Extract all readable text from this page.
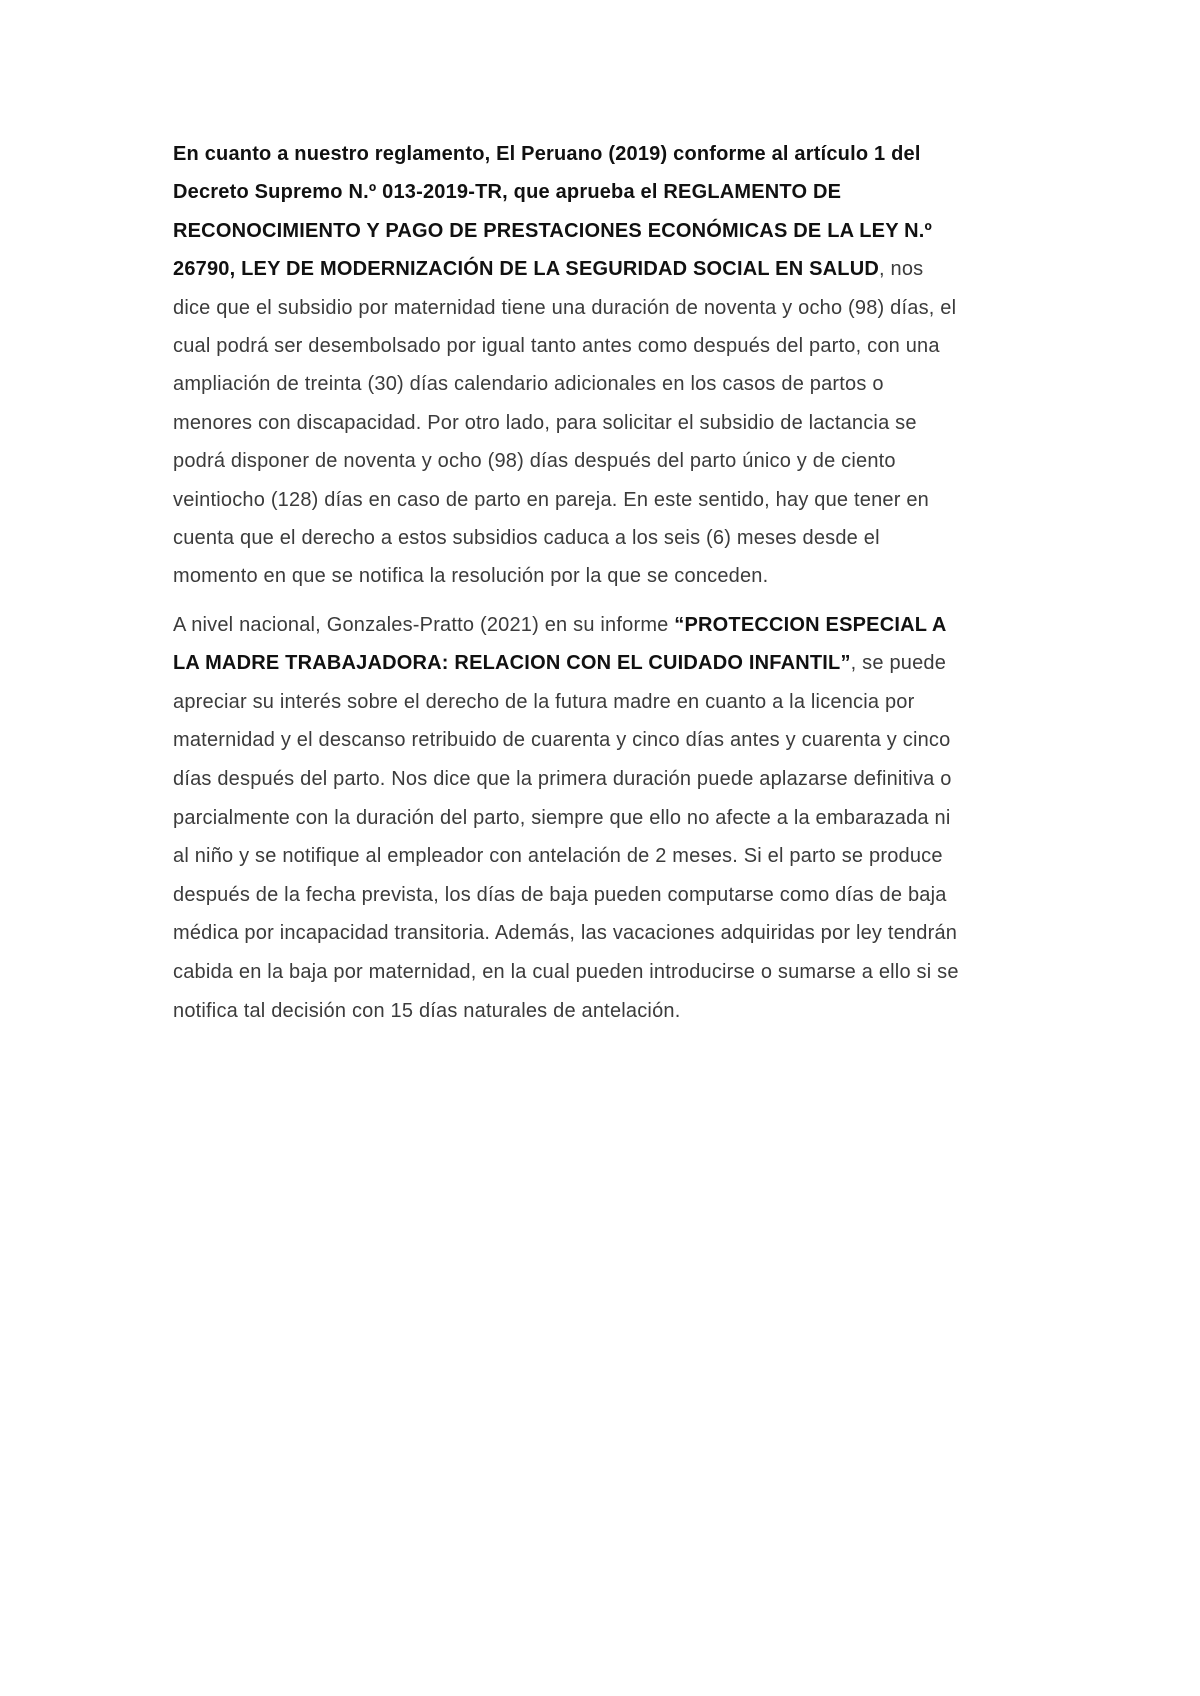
En cuanto a nuestro reglamento, El Peruano (2019) conforme al artículo 1 del
Decreto Supremo N.º 013-2019-TR, que aprueba el REGLAMENTO DE
RECONOCIMIENTO Y PAGO DE PRESTACIONES ECONÓMICAS DE LA LEY N.º
26790, LEY DE MODERNIZACIÓN DE LA SEGURIDAD SOCIAL EN SALUD, nos
dice que el subsidio por maternidad tiene una duración de noventa y ocho (98) días, el
cual podrá ser desembolsado por igual tanto antes como después del parto, con una
ampliación de treinta (30) días calendario adicionales en los casos de partos o
menores con discapacidad. Por otro lado, para solicitar el subsidio de lactancia se
podrá disponer de noventa y ocho (98) días después del parto único y de ciento
veintiocho (128) días en caso de parto en pareja. En este sentido, hay que tener en
cuenta que el derecho a estos subsidios caduca a los seis (6) meses desde el
momento en que se notifica la resolución por la que se conceden.

A nivel nacional, Gonzales-Pratto (2021) en su informe “PROTECCION ESPECIAL A
LA MADRE TRABAJADORA: RELACION CON EL CUIDADO INFANTIL”, se puede
apreciar su interés sobre el derecho de la futura madre en cuanto a la licencia por
maternidad y el descanso retribuido de cuarenta y cinco días antes y cuarenta y cinco
días después del parto. Nos dice que la primera duración puede aplazarse definitiva o
parcialmente con la duración del parto, siempre que ello no afecte a la embarazada ni
al niño y se notifique al empleador con antelación de 2 meses. Si el parto se produce
después de la fecha prevista, los días de baja pueden computarse como días de baja
médica por incapacidad transitoria. Además, las vacaciones adquiridas por ley tendrán
cabida en la baja por maternidad, en la cual pueden introducirse o sumarse a ello si se
notifica tal decisión con 15 días naturales de antelación.
